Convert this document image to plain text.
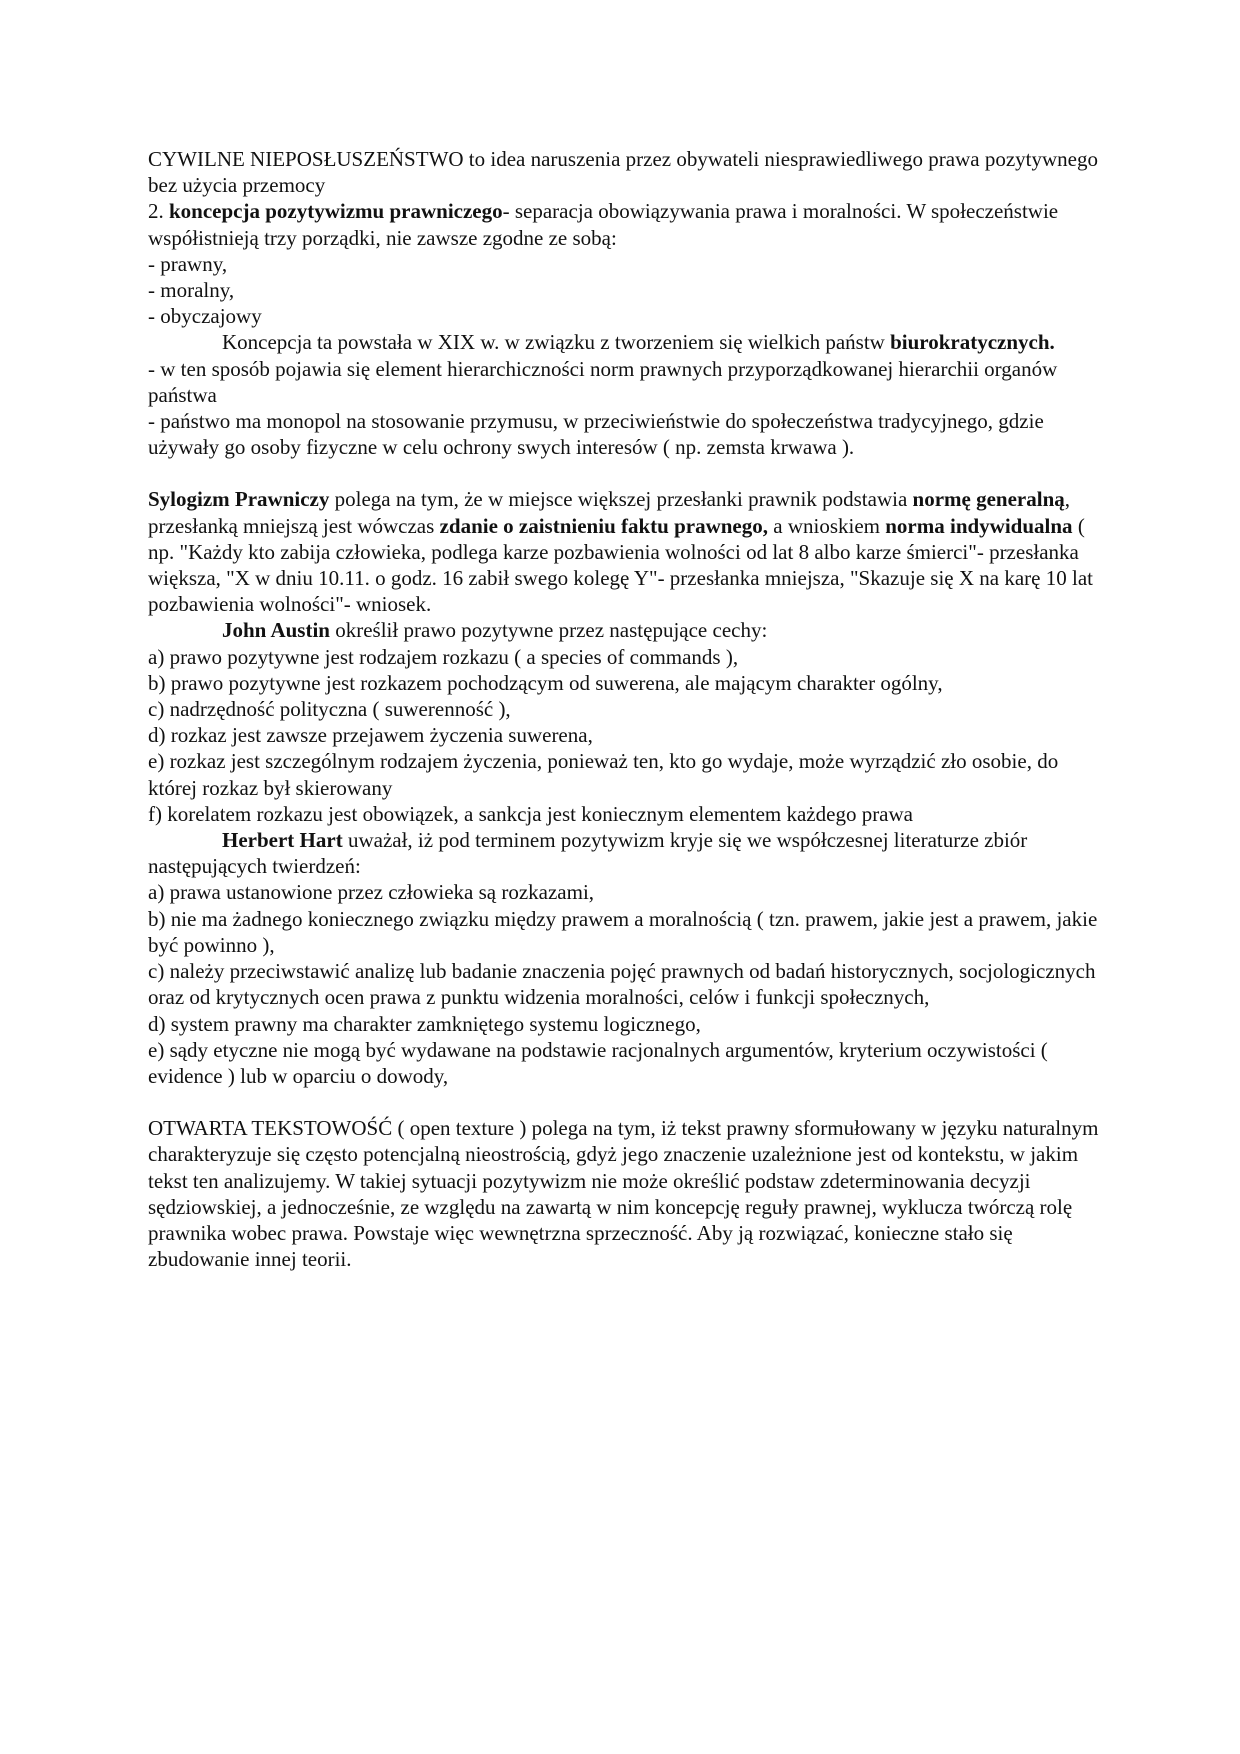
CYWILNE NIEPOSŁUSZEŃSTWO to idea naruszenia przez obywateli niesprawiedliwego prawa pozytywnego bez użycia przemocy

2. koncepcja pozytywizmu prawniczego- separacja obowiązywania prawa i moralności. W społeczeństwie współistnieją trzy porządki, nie zawsze zgodne ze sobą:

- prawny,

- moralny,

- obyczajowy

Koncepcja ta powstała w XIX w. w związku z tworzeniem się wielkich państw biurokratycznych.

- w ten sposób pojawia się element hierarchiczności norm prawnych przyporządkowanej hierarchii organów państwa

- państwo ma monopol na stosowanie przymusu, w przeciwieństwie do społeczeństwa tradycyjnego, gdzie używały go osoby fizyczne w celu ochrony swych interesów ( np. zemsta krwawa ).

Sylogizm Prawniczy polega na tym, że w miejsce większej przesłanki prawnik podstawia normę generalną, przesłanką mniejszą jest wówczas zdanie o zaistnieniu faktu prawnego, a wnioskiem norma indywidualna ( np. "Każdy kto zabija człowieka, podlega karze pozbawienia wolności od lat 8 albo karze śmierci"- przesłanka większa, "X w dniu 10.11. o godz. 16 zabił swego kolegę Y"- przesłanka mniejsza, "Skazuje się X na karę 10 lat pozbawienia wolności"- wniosek.

John Austin określił prawo pozytywne przez następujące cechy:

a) prawo pozytywne jest rodzajem rozkazu ( a species of commands ),

b) prawo pozytywne jest rozkazem pochodzącym od suwerena, ale mającym charakter ogólny,

c) nadrzędność polityczna ( suwerenność ),

d) rozkaz jest zawsze przejawem życzenia suwerena,

e) rozkaz jest szczególnym rodzajem życzenia, ponieważ ten, kto go wydaje, może wyrządzić zło osobie, do której rozkaz był skierowany

f) korelatem rozkazu jest obowiązek, a sankcja jest koniecznym elementem każdego prawa

Herbert Hart uważał, iż pod terminem pozytywizm kryje się we współczesnej literaturze zbiór następujących twierdzeń:

a) prawa ustanowione przez człowieka są rozkazami,

b) nie ma żadnego koniecznego związku między prawem a moralnością ( tzn. prawem, jakie jest a prawem, jakie być powinno ),

c) należy przeciwstawić analizę lub badanie znaczenia pojęć prawnych od badań historycznych, socjologicznych oraz od krytycznych ocen prawa z punktu widzenia moralności, celów i funkcji społecznych,

d) system prawny ma charakter zamkniętego systemu logicznego,

e) sądy etyczne nie mogą być wydawane na podstawie racjonalnych argumentów, kryterium oczywistości ( evidence ) lub w oparciu o dowody,

OTWARTA TEKSTOWOŚĆ ( open texture ) polega na tym, iż tekst prawny sformułowany w języku naturalnym charakteryzuje się często potencjalną nieostrością, gdyż jego znaczenie uzależnione jest od kontekstu, w jakim tekst ten analizujemy. W takiej sytuacji pozytywizm nie może określić podstaw zdeterminowania decyzji sędziowskiej, a jednocześnie, ze względu na zawartą w nim koncepcję reguły prawnej, wyklucza twórczą rolę prawnika wobec prawa. Powstaje więc wewnętrzna sprzeczność. Aby ją rozwiązać, konieczne stało się zbudowanie innej teorii.
